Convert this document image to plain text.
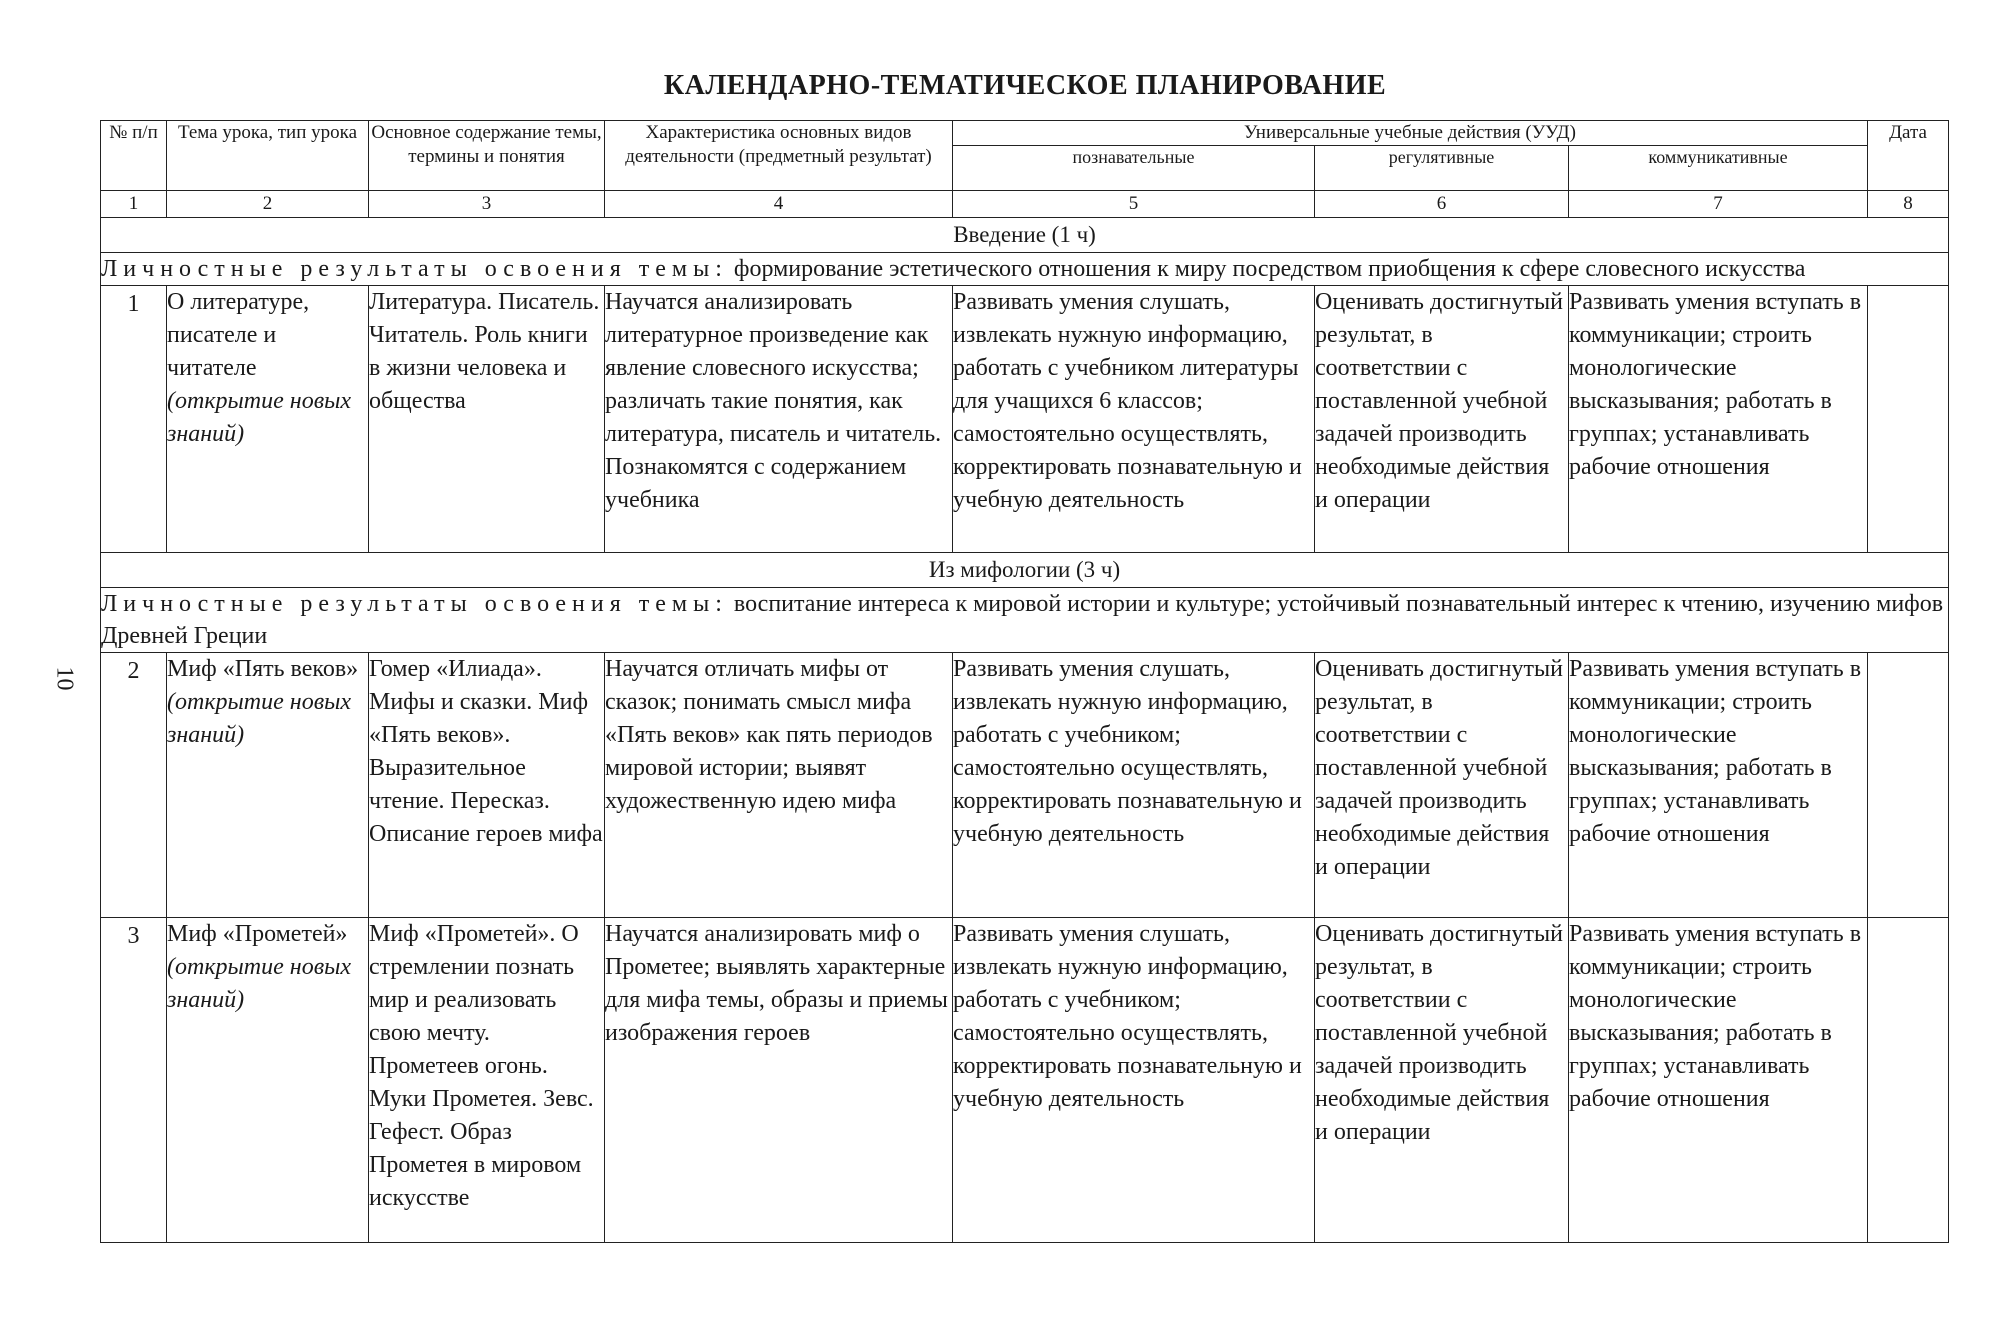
КАЛЕНДАРНО-ТЕМАТИЧЕСКОЕ ПЛАНИРОВАНИЕ
10
№ п/п	Тема урока, тип урока	Основное содержание темы, термины и понятия	Характеристика основных видов деятельности (предметный результат)	Универсальные учебные действия (УУД)			Дата
				познавательные	регулятивные	коммуникативные	
1	2	3	4	5	6	7	8
Введение (1 ч)							
Личностные результаты освоения темы: формирование эстетического отношения к миру посредством приобщения к сфере словесного искусства							
1	О литературе, писателе и читателе (открытие новых знаний)	Литература. Писатель. Читатель. Роль книги в жизни человека и общества	Научатся анализировать литературное произведение как явление словесного искусства; различать такие понятия, как литература, писатель и читатель. Познакомятся с содержанием учебника	Развивать умения слушать, извлекать нужную информацию, работать с учебником литературы для учащихся 6 классов; самостоятельно осуществлять, корректировать познавательную и учебную деятельность	Оценивать достигнутый результат, в соответствии с поставленной учебной задачей производить необходимые действия и операции	Развивать умения вступать в коммуникации; строить монологические высказывания; работать в группах; устанавливать рабочие отношения	
Из мифологии (3 ч)							
Личностные результаты освоения темы: воспитание интереса к мировой истории и культуре; устойчивый познавательный интерес к чтению, изучению мифов Древней Греции							
2	Миф «Пять веков» (открытие новых знаний)	Гомер «Илиада». Мифы и сказки. Миф «Пять веков». Выразительное чтение. Пересказ. Описание героев мифа	Научатся отличать мифы от сказок; понимать смысл мифа «Пять веков» как пять периодов мировой истории; выявят художественную идею мифа	Развивать умения слушать, извлекать нужную информацию, работать с учебником; самостоятельно осуществлять, корректировать познавательную и учебную деятельность	Оценивать достигнутый результат, в соответствии с поставленной учебной задачей производить необходимые действия и операции	Развивать умения вступать в коммуникации; строить монологические высказывания; работать в группах; устанавливать рабочие отношения	
3	Миф «Прометей» (открытие новых знаний)	Миф «Прометей». О стремлении познать мир и реализовать свою мечту. Прометеев огонь. Муки Прометея. Зевс. Гефест. Образ Прометея в мировом искусстве	Научатся анализировать миф о Прометее; выявлять характерные для мифа темы, образы и приемы изображения героев	Развивать умения слушать, извлекать нужную информацию, работать с учебником; самостоятельно осуществлять, корректировать познавательную и учебную деятельность	Оценивать достигнутый результат, в соответствии с поставленной учебной задачей производить необходимые действия и операции	Развивать умения вступать в коммуникации; строить монологические высказывания; работать в группах; устанавливать рабочие отношения	
